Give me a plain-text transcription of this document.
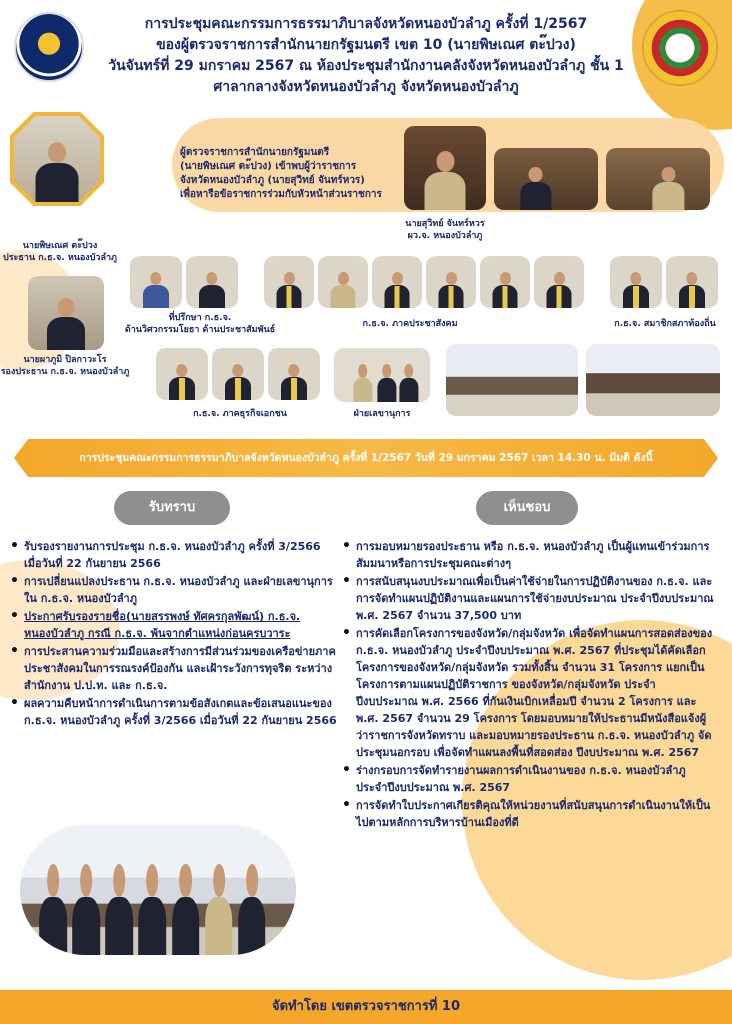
การประชุมคณะกรรมการธรรมาภิบาลจังหวัดหนองบัวลำภู ครั้งที่ 1/2567
ของผู้ตรวจราชการสำนักนายกรัฐมนตรี เขต 10 (นายพิษเณศ ตะ๊ปวง)
วันจันทร์ที่ 29 มกราคม 2567 ณ ห้องประชุมสำนักงานคลังจังหวัดหนองบัวลำภู ชั้น 1
ศาลากลางจังหวัดหนองบัวลำภู จังหวัดหนองบัวลำภู
ผู้ตรวจราชการสำนักนายกรัฐมนตรี
(นายพิษเณศ ตะ๊ปวง) เข้าพบผู้ว่าราชการ
จังหวัดหนองบัวลำภู (นายสุวิทย์ จันทร์หวร)
เพื่อหารือข้อราชการร่วมกับหัวหน้าส่วนราชการ
นายพิษเณศ ตะ๊ปวง
ประธาน ก.ธ.จ. หนองบัวลำภู
นายสุวิทย์ จันทร์หวร
ผว.จ. หนองบัวลำภู
นายผาภูมิ ปิลกาวะโร
รองประธาน ก.ธ.จ. หนองบัวลำภู
ที่ปรึกษา ก.ธ.จ.
ด้านวิศวกรรมโยธา ด้านประชาสัมพันธ์
ก.ธ.จ. ภาคประชาสังคม	ก.ธ.จ. สมาชิกสภาท้องถิ่น
ก.ธ.จ. ภาคธุรกิจเอกชน	ฝ่ายเลขานุการ
การประชุมคณะกรรมการธรรมาภิบาลจังหวัดหนองบัวลำภู ครั้งที่ 1/2567 วันที่ 29 มกราคม 2567 เวลา 14.30 น. มีมติ ดังนี้
รับทราบ	เห็นชอบ
• รับรองรายงานการประชุม ก.ธ.จ. หนองบัวลำภู ครั้งที่ 3/2566 เมื่อวันที่ 22 กันยายน 2566
• การเปลี่ยนแปลงประธาน ก.ธ.จ. หนองบัวลำภู และฝ่ายเลขานุการใน ก.ธ.จ. หนองบัวลำภู
• ประกาศรับรองรายชื่อ(นายสรรพงษ์ ทัศครกุลพัฒน์) ก.ธ.จ. หนองบัวลำภู กรณี ก.ธ.จ. พ้นจากตำแหน่งก่อนครบวาระ
• การประสานความร่วมมือและสร้างการมีส่วนร่วมของเครือข่ายภาคประชาสังคมในการรณรงค์ป้องกัน และเฝ้าระวังการทุจริต ระหว่างสำนักงาน ป.ป.ท. และ ก.ธ.จ.
• ผลความคืบหน้าการดำเนินการตามข้อสังเกตและข้อเสนอแนะของ ก.ธ.จ. หนองบัวลำภู ครั้งที่ 3/2566 เมื่อวันที่ 22 กันยายน 2566
• การมอบหมายรองประธาน หรือ ก.ธ.จ. หนองบัวลำภู เป็นผู้แทนเข้าร่วมการสัมมนาหรือการประชุมคณะต่างๆ
• การสนับสนุนงบประมาณเพื่อเป็นค่าใช้จ่ายในการปฏิบัติงานของ ก.ธ.จ. และการจัดทำแผนปฏิบัติงานและแผนการใช้จ่ายงบประมาณ ประจำปีงบประมาณ พ.ศ. 2567 จำนวน 37,500 บาท
• การคัดเลือกโครงการของจังหวัด/กลุ่มจังหวัด เพื่อจัดทำแผนการสอดส่องของ ก.ธ.จ. หนองบัวลำภู ประจำปีงบประมาณ พ.ศ. 2567 ที่ประชุมได้คัดเลือกโครงการของจังหวัด/กลุ่มจังหวัด รวมทั้งสิ้น จำนวน 31 โครงการ แยกเป็น โครงการตามแผนปฏิบัติราชการ ของจังหวัด/กลุ่มจังหวัด ประจำปีงบประมาณ พ.ศ. 2566 ที่กันเงินเบิกเหลื่อมปี จำนวน 2 โครงการ และ พ.ศ. 2567 จำนวน 29 โครงการ โดยมอบหมายให้ประธานมีหนังสือแจ้งผู้ว่าราชการจังหวัดทราบ และมอบหมายรองประธาน ก.ธ.จ. หนองบัวลำภู จัดประชุมนอกรอบ เพื่อจัดทำแผนลงพื้นที่สอดส่อง ปีงบประมาณ พ.ศ. 2567
• ร่างกรอบการจัดทำรายงานผลการดำเนินงานของ ก.ธ.จ. หนองบัวลำภู ประจำปีงบประมาณ พ.ศ. 2567
• การจัดทำใบประกาศเกียรติคุณให้หน่วยงานที่สนับสนุนการดำเนินงานให้เป็นไปตามหลักการบริหารบ้านเมืองที่ดี
จัดทำโดย เขตตรวจราชการที่ 10
